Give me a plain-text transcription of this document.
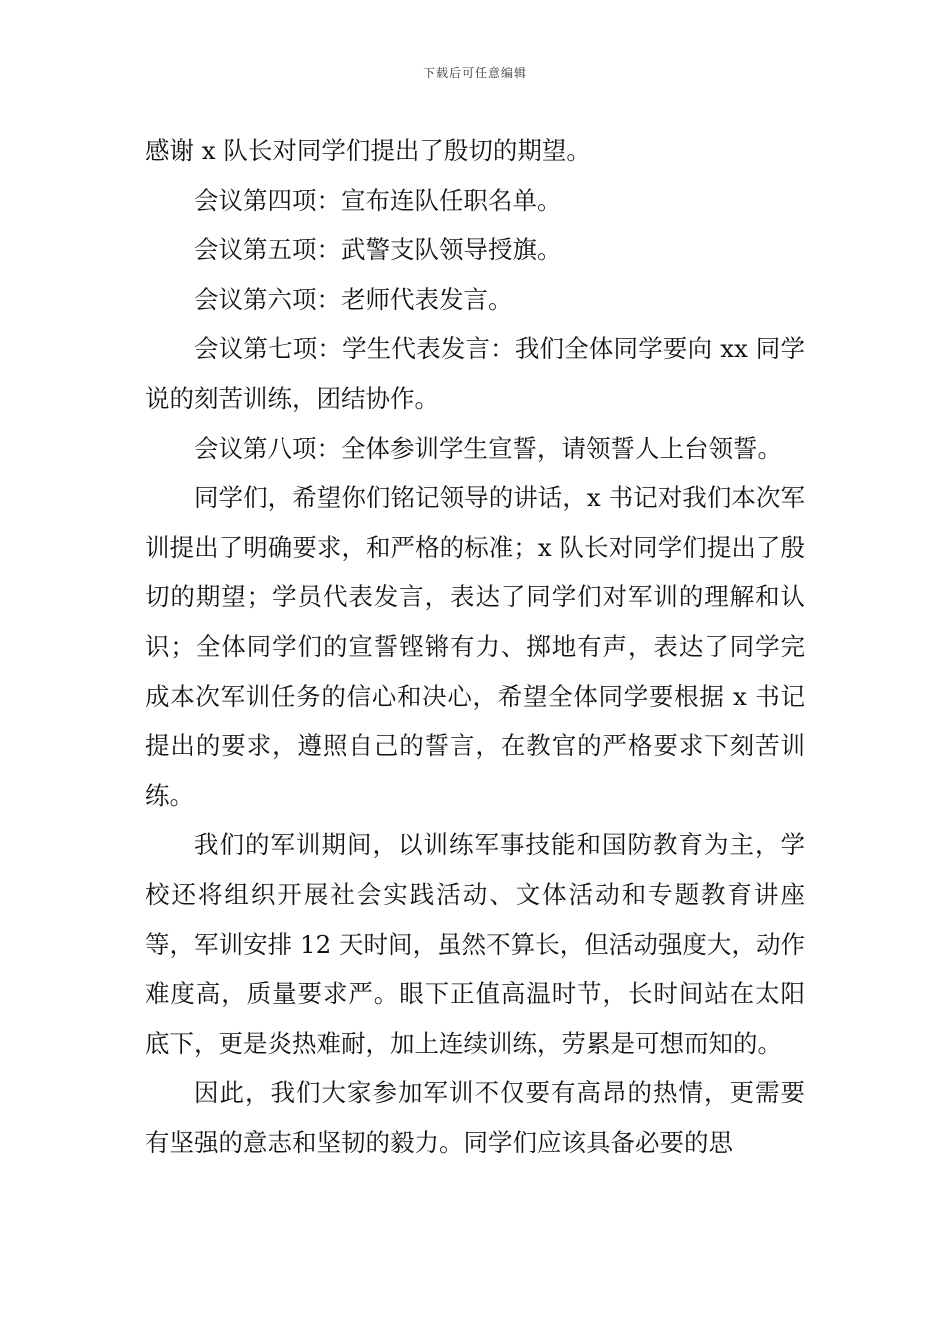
下载后可任意编辑

感谢 x 队长对同学们提出了殷切的期望。

会议第四项：宣布连队任职名单。

会议第五项：武警支队领导授旗。

会议第六项：老师代表发言。

会议第七项：学生代表发言：我们全体同学要向 xx 同学说的刻苦训练，团结协作。

会议第八项：全体参训学生宣誓，请领誓人上台领誓。

同学们，希望你们铭记领导的讲话，x 书记对我们本次军训提出了明确要求，和严格的标准；x 队长对同学们提出了殷切的期望；学员代表发言，表达了同学们对军训的理解和认识；全体同学们的宣誓铿锵有力、掷地有声，表达了同学完成本次军训任务的信心和决心，希望全体同学要根据 x 书记提出的要求，遵照自己的誓言，在教官的严格要求下刻苦训练。

我们的军训期间，以训练军事技能和国防教育为主，学校还将组织开展社会实践活动、文体活动和专题教育讲座等，军训安排 12 天时间，虽然不算长，但活动强度大，动作难度高，质量要求严。眼下正值高温时节，长时间站在太阳底下，更是炎热难耐，加上连续训练，劳累是可想而知的。

因此，我们大家参加军训不仅要有高昂的热情，更需要有坚强的意志和坚韧的毅力。同学们应该具备必要的思
